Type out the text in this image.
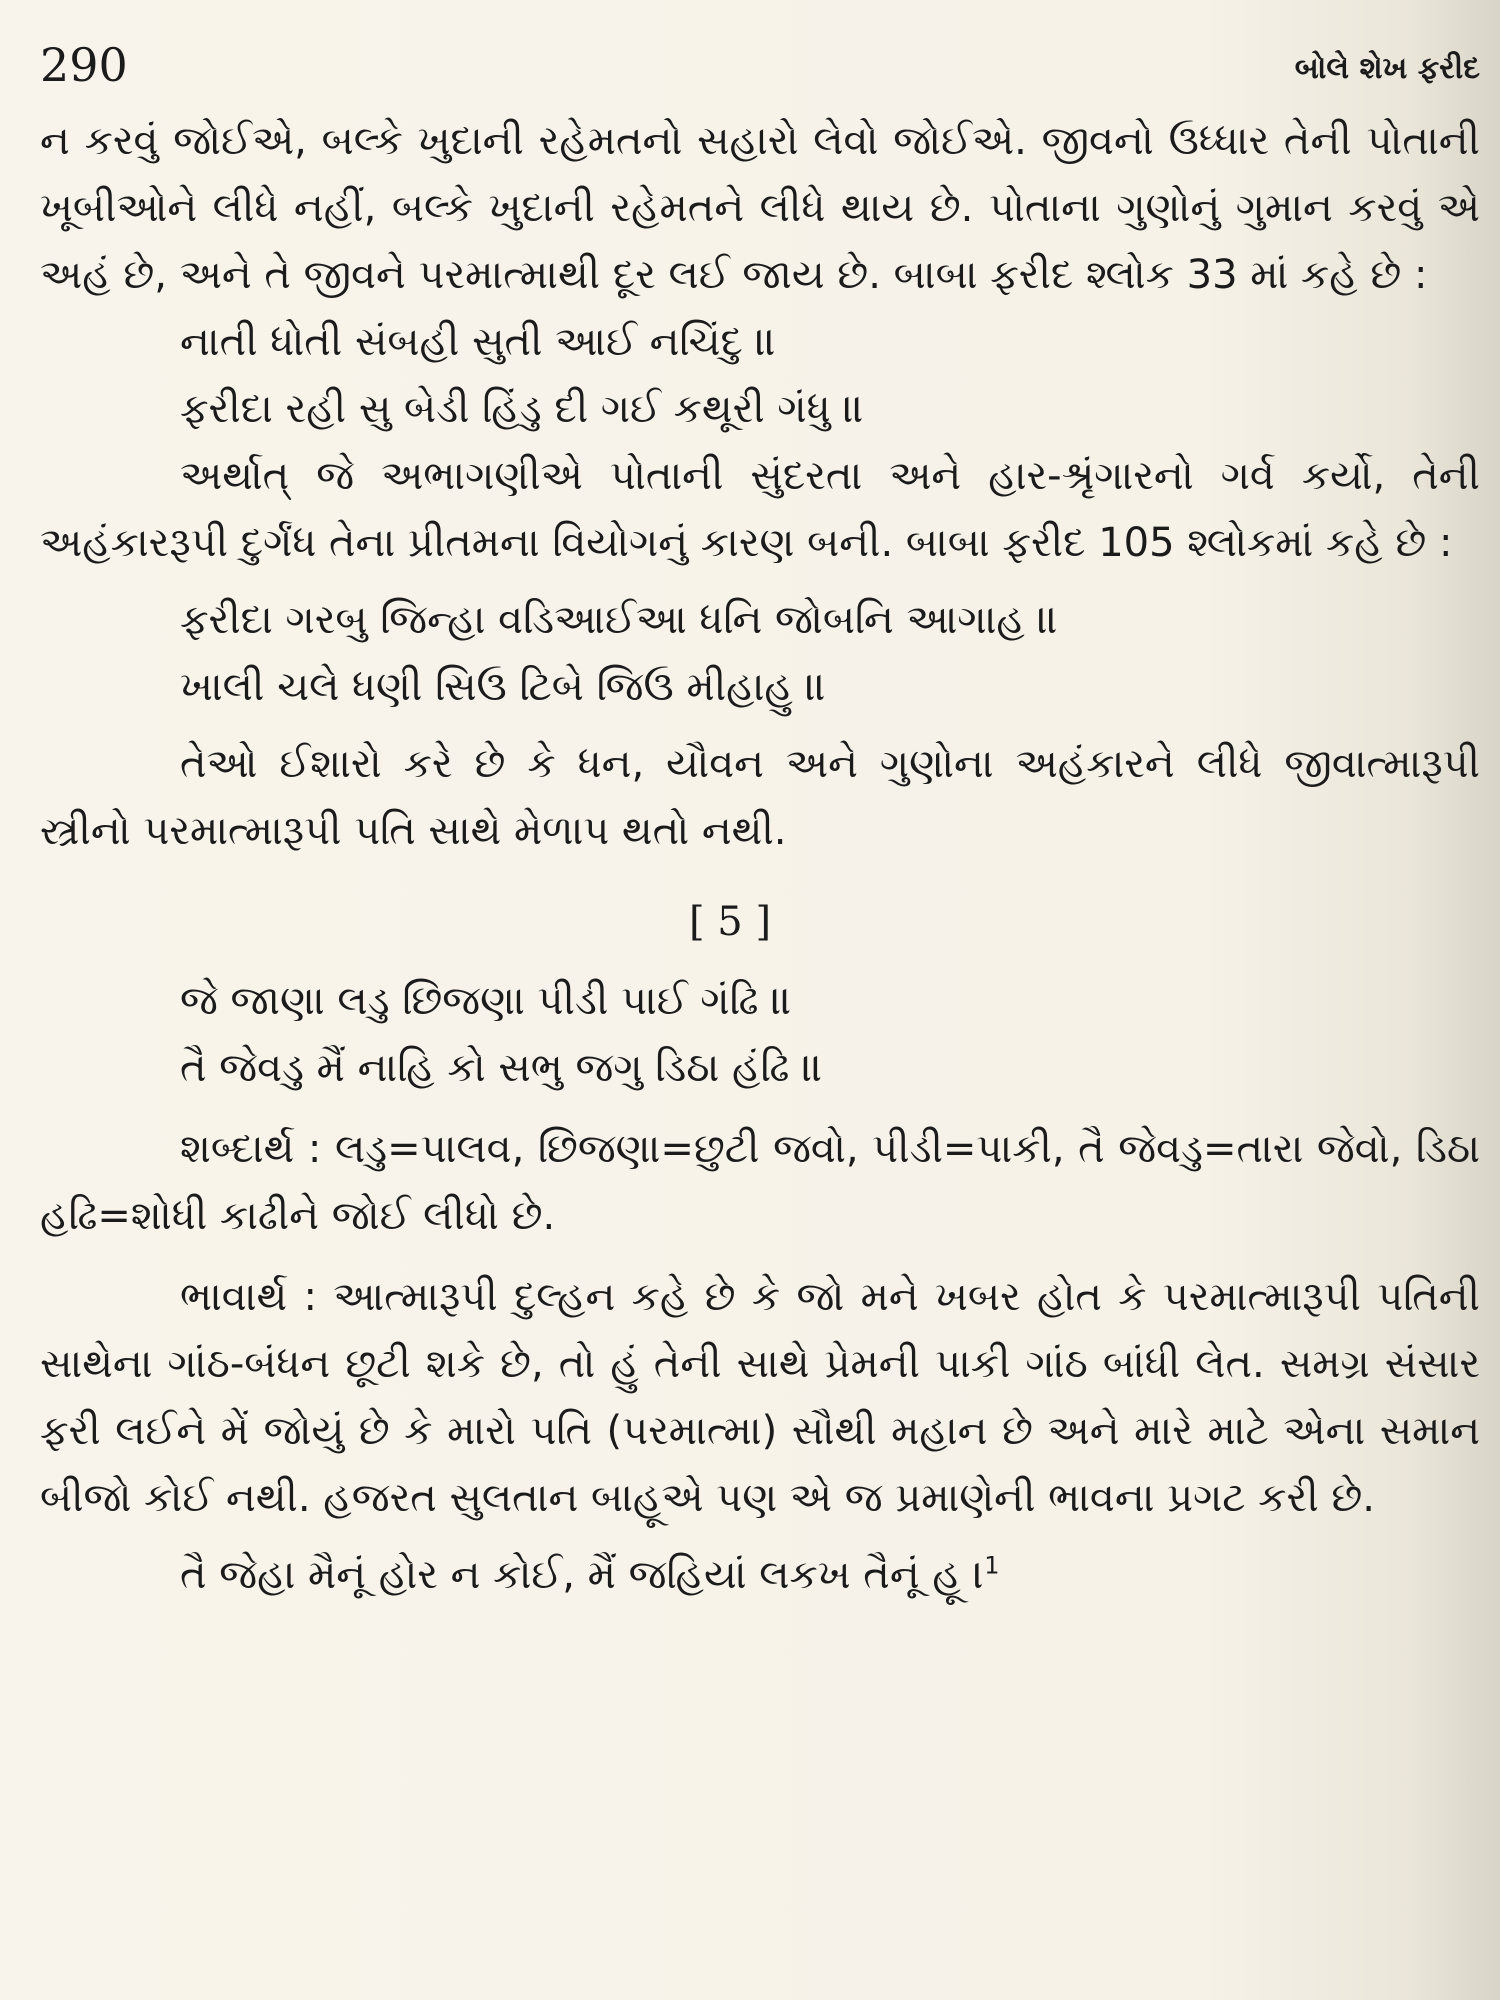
290	બોલે શેખ ફરીદ

ન કરવું જોઈએ, બલ્કે ખુદાની રહેમતનો સહારો લેવો જોઈએ. જીવનો ઉધ્ધાર તેની પોતાની ખૂબીઓને લીધે નહીં, બલ્કે ખુદાની રહેમતને લીધે થાય છે. પોતાના ગુણોનું ગુમાન કરવું એ અહં છે, અને તે જીવને પરમાત્માથી દૂર લઈ જાય છે. બાબા ફરીદ શ્લોક 33 માં કહે છે :

નાતી ધોતી સંબહી સુતી આઈ નચિંદુ ॥
ફરીદા રહી સુ બેડી હિંડુ દી ગઈ કથૂરી ગંધુ ॥

અર્થાત્ જે અભાગણીએ પોતાની સુંદરતા અને હાર-શ્રૃંગારનો ગર્વ કર્યો, તેની અહંકારરૂપી દુર્ગંધ તેના પ્રીતમના વિયોગનું કારણ બની. બાબા ફરીદ 105 શ્લોકમાં કહે છે :

ફરીદા ગરબુ જિન્હા વડિઆઈઆ ધનિ જોબનિ આગાહ ॥
ખાલી ચલે ધણી સિઉ ટિબે જિઉ મીહાહુ ॥

તેઓ ઈશારો કરે છે કે ધન, યૌવન અને ગુણોના અહંકારને લીધે જીવાત્મારૂપી સ્ત્રીનો પરમાત્મારૂપી પતિ સાથે મેળાપ થતો નથી.

[ 5 ]
જે જાણા લડુ છિજણા પીડી પાઈ ગંઢિ ॥
તૈ જેવડુ મૈં નાહિ કો સભુ જગુ ડિઠા હંઢિ ॥

શબ્દાર્થ : લડુ=પાલવ, છિજણા=છુટી જવો, પીડી=પાકી, તૈ જેવડુ=તારા જેવો, ડિઠા હઢિ=શોધી કાઢીને જોઈ લીધો છે.

ભાવાર્થ : આત્મારૂપી દુલ્હન કહે છે કે જો મને ખબર હોત કે પરમાત્મારૂપી પતિની સાથેના ગાંઠ-બંધન છૂટી શકે છે, તો હું તેની સાથે પ્રેમની પાકી ગાંઠ બાંધી લેત. સમગ્ર સંસાર ફરી લઈને મેં જોયું છે કે મારો પતિ (પરમાત્મા) સૌથી મહાન છે અને મારે માટે એના સમાન બીજો કોઈ નથી. હજરત સુલતાન બાહૂએ પણ એ જ પ્રમાણેની ભાવના પ્રગટ કરી છે.

તૈ જેહા મૈનૂં હોર ન કોઈ, મૈં જહિયાં લકખ તૈનૂં હૂ ।$^1$
